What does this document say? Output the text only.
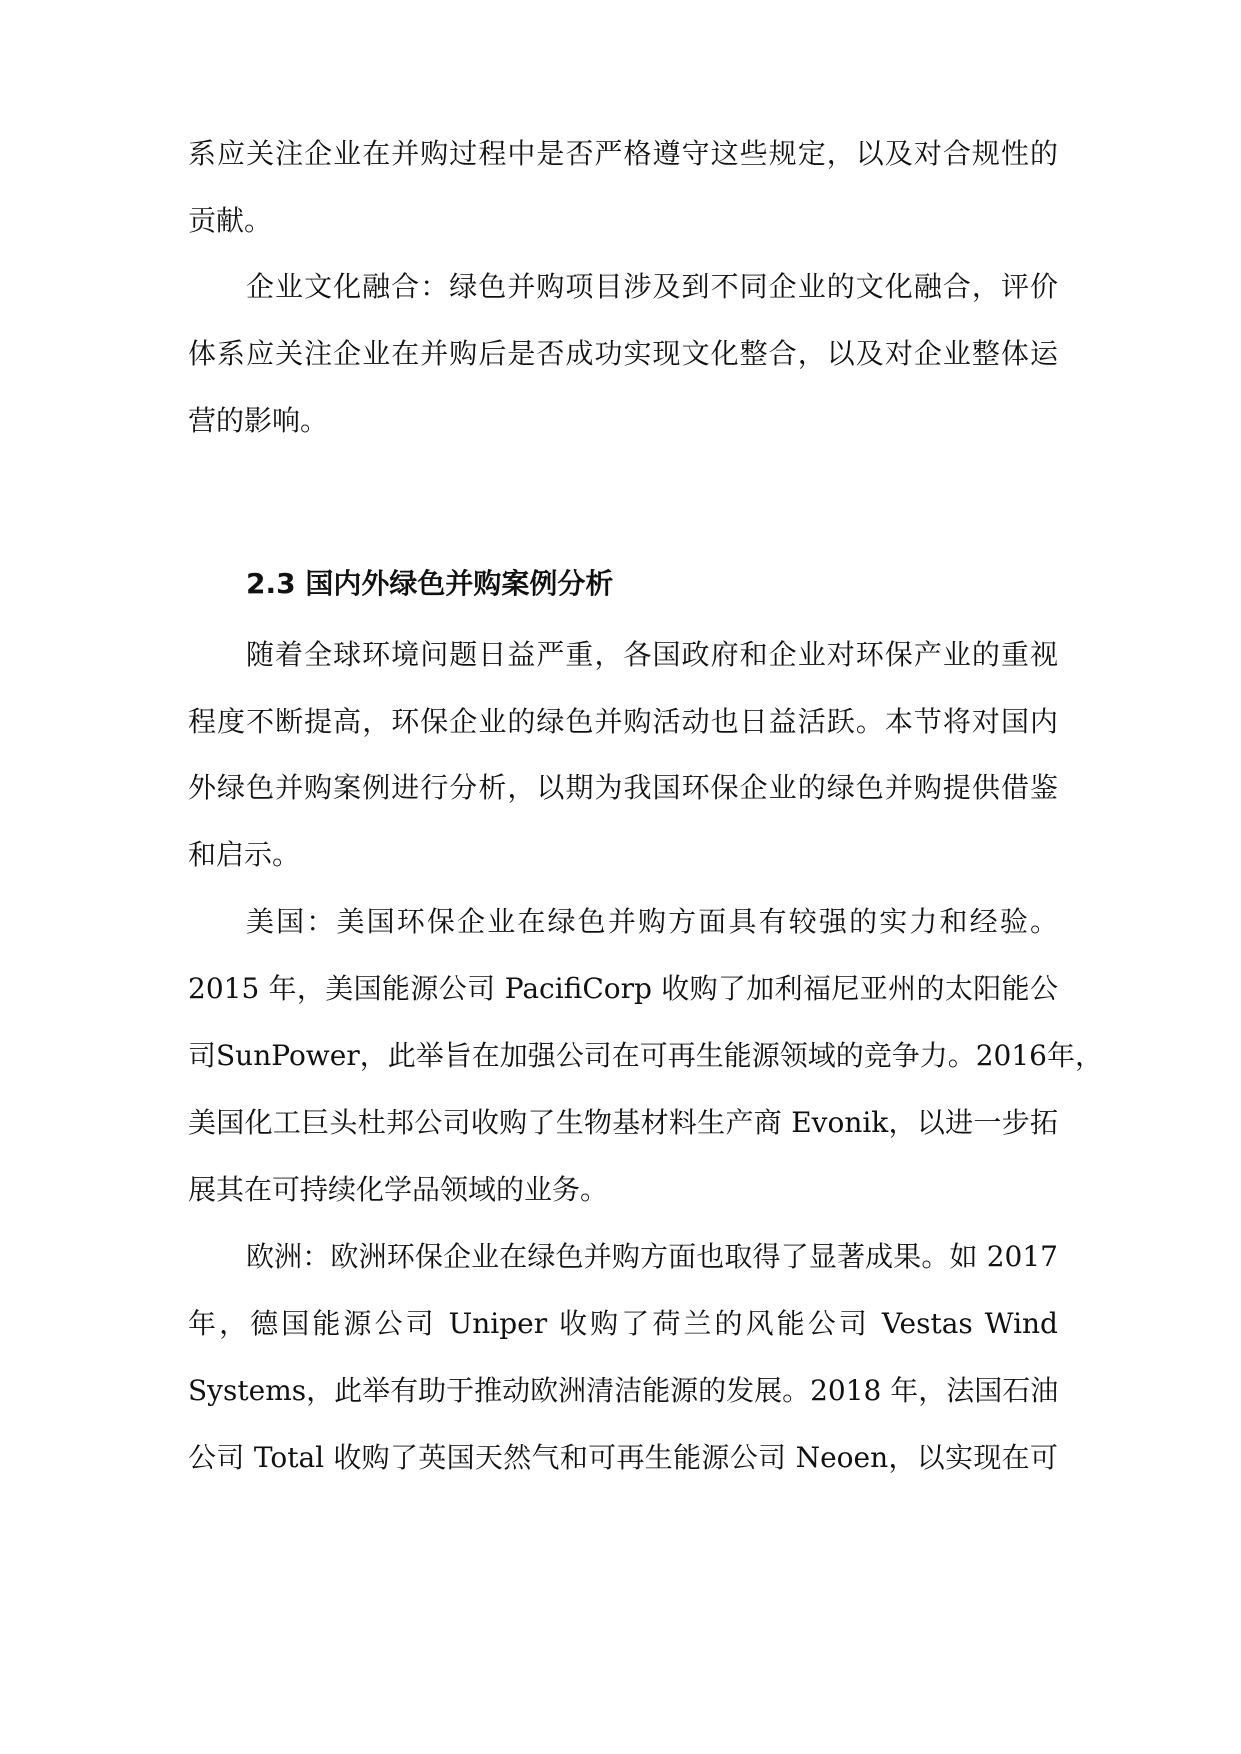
系应关注企业在并购过程中是否严格遵守这些规定，以及对合规性的

贡献。

企业文化融合：绿色并购项目涉及到不同企业的文化融合，评价

体系应关注企业在并购后是否成功实现文化整合，以及对企业整体运

营的影响。

2.3 国内外绿色并购案例分析

随着全球环境问题日益严重，各国政府和企业对环保产业的重视

程度不断提高，环保企业的绿色并购活动也日益活跃。本节将对国内

外绿色并购案例进行分析，以期为我国环保企业的绿色并购提供借鉴

和启示。

美国：美国环保企业在绿色并购方面具有较强的实力和经验。

2015 年，美国能源公司 PacifiCorp 收购了加利福尼亚州的太阳能公

司SunPower，此举旨在加强公司在可再生能源领域的竞争力。2016年，

美国化工巨头杜邦公司收购了生物基材料生产商 Evonik，以进一步拓

展其在可持续化学品领域的业务。

欧洲：欧洲环保企业在绿色并购方面也取得了显著成果。如 2017

年，德国能源公司 Uniper 收购了荷兰的风能公司 Vestas Wind

Systems，此举有助于推动欧洲清洁能源的发展。2018 年，法国石油

公司 Total 收购了英国天然气和可再生能源公司 Neoen，以实现在可
